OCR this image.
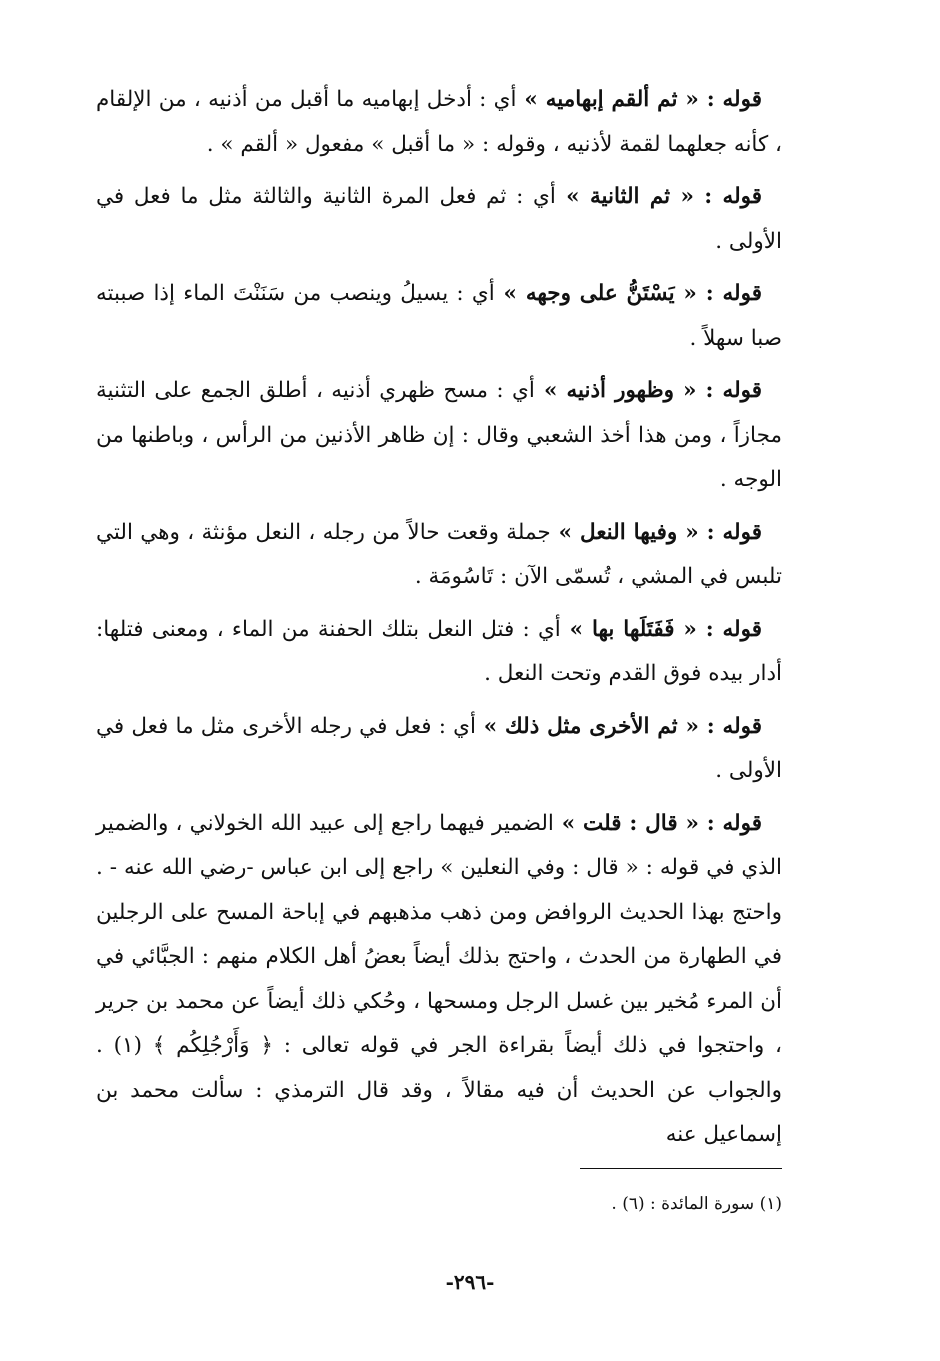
قوله : « ثم ألقم إبهاميه » أي : أدخل إبهاميه ما أقبل من أذنيه ، من الإلقام ، كأنه جعلهما لقمة لأذنيه ، وقوله : « ما أقبل » مفعول « ألقم » .

قوله : « ثم الثانية » أي : ثم فعل المرة الثانية والثالثة مثل ما فعل في الأولى .

قوله : « يَسْتَنُّ على وجهه » أي : يسيلُ وينصب من سَنَنْتَ الماء إذا صببته صبا سهلاً .

قوله : « وظهور أذنيه » أي : مسح ظهري أذنيه ، أطلق الجمع على التثنية مجازاً ، ومن هذا أخذ الشعبي وقال : إن ظاهر الأذنين من الرأس ، وباطنها من الوجه .

قوله : « وفيها النعل » جملة وقعت حالاً من رجله ، النعل مؤنثة ، وهي التي تلبس في المشي ، تُسمّى الآن : تَاسُومَة .

قوله : « فَفَتَلَها بها » أي : فتل النعل بتلك الحفنة من الماء ، ومعنى فتلها: أدار بيده فوق القدم وتحت النعل .

قوله : « ثم الأخرى مثل ذلك » أي : فعل في رجله الأخرى مثل ما فعل في الأولى .

قوله : « قال : قلت » الضمير فيهما راجع إلى عبيد الله الخولاني ، والضمير الذي في قوله : « قال : وفي النعلين » راجع إلى ابن عباس -رضي الله عنه - . واحتج بهذا الحديث الروافض ومن ذهب مذهبهم في إباحة المسح على الرجلين في الطهارة من الحدث ، واحتج بذلك أيضاً بعضُ أهل الكلام منهم : الجبَّائي في أن المرء مُخير بين غسل الرجل ومسحها ، وحُكي ذلك أيضاً عن محمد بن جرير ، واحتجوا في ذلك أيضاً بقراءة الجر في قوله تعالى : ﴿ وَأَرْجُلِكُم ﴾ (١) . والجواب عن الحديث أن فيه مقالاً ، وقد قال الترمذي : سألت محمد بن إسماعيل عنه

(١) سورة المائدة : (٦) .
-٢٩٦-
